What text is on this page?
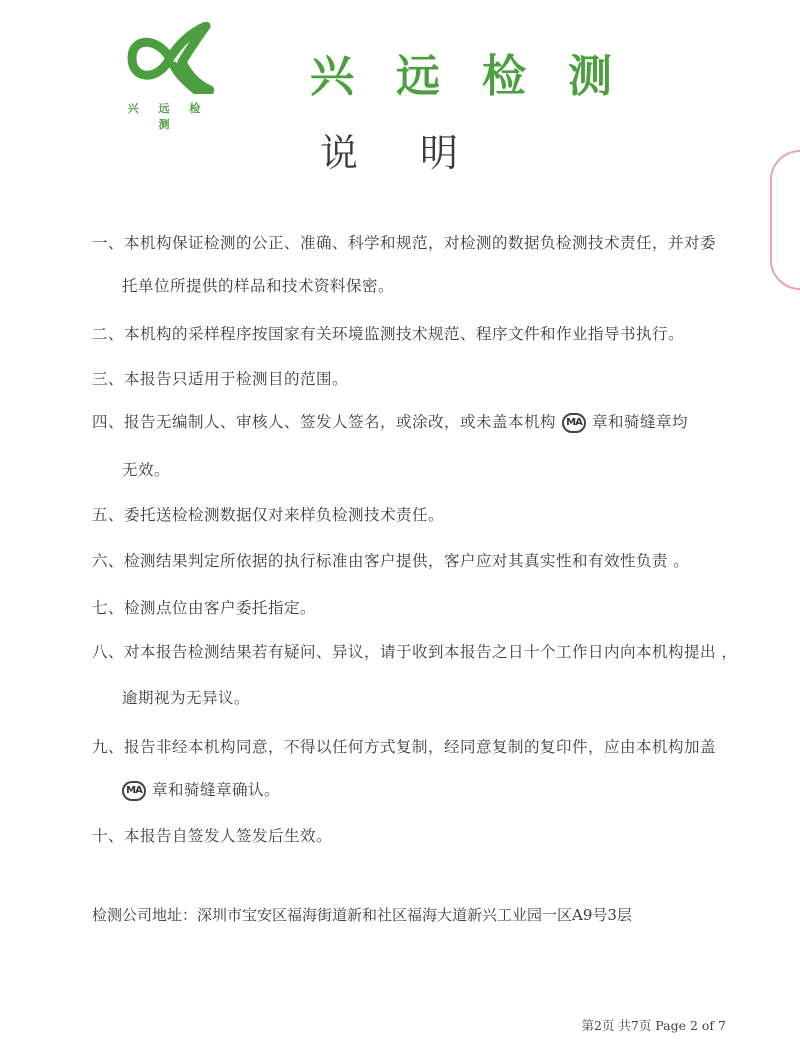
兴 远 检 测
兴远检测
说明
一、本机构保证检测的公正、准确、科学和规范，对检测的数据负检测技术责任，并对委
托单位所提供的样品和技术资料保密。
二、本机构的采样程序按国家有关环境监测技术规范、程序文件和作业指导书执行。
三、本报告只适用于检测目的范围。
四、报告无编制人、审核人、签发人签名，或涂改，或未盖本机构 MA 章和骑缝章均
无效。
五、委托送检检测数据仅对来样负检测技术责任。
六、检测结果判定所依据的执行标准由客户提供，客户应对其真实性和有效性负责 。
七、检测点位由客户委托指定。
八、对本报告检测结果若有疑问、异议，请于收到本报告之日十个工作日内向本机构提出 ，
逾期视为无异议。
九、报告非经本机构同意，不得以任何方式复制，经同意复制的复印件，应由本机构加盖
MA 章和骑缝章确认。
十、本报告自签发人签发后生效。
检测公司地址：深圳市宝安区福海街道新和社区福海大道新兴工业园一区A9号3层
第2页 共7页 Page 2 of 7
